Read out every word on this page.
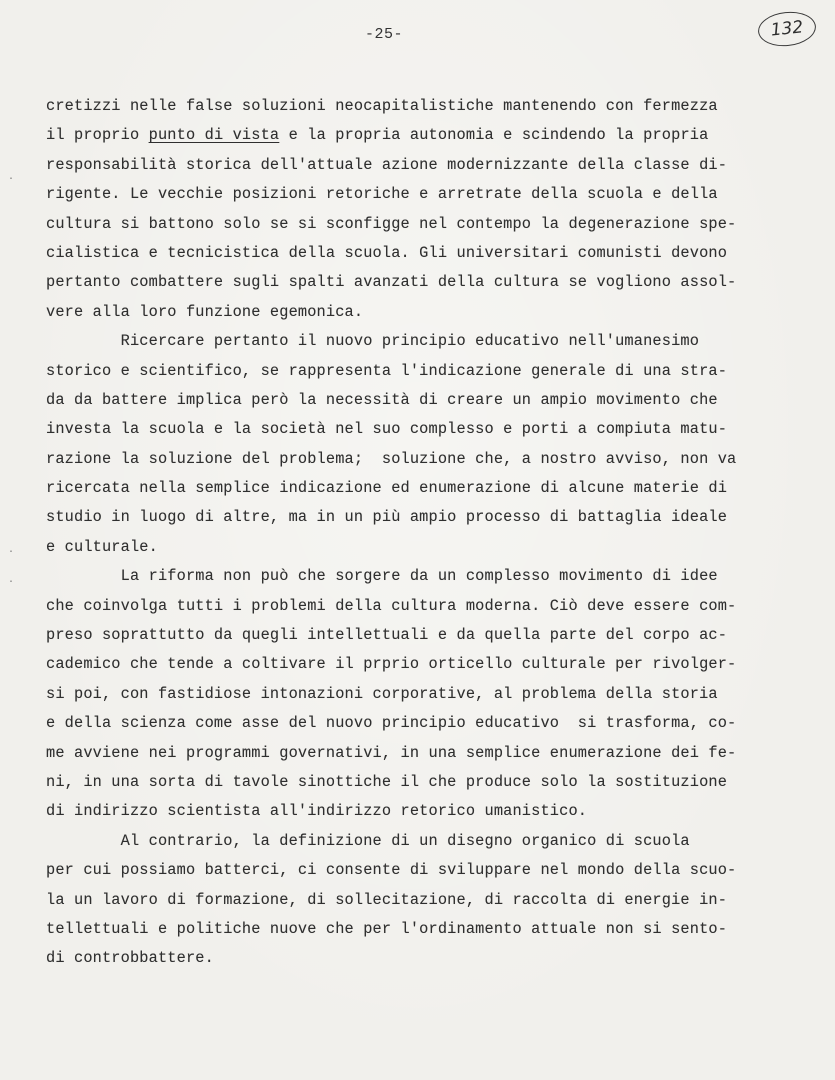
-25-	132
.
.
.
cretizzi nelle false soluzioni neocapitalistiche mantenendo con fermezza
il proprio punto di vista e la propria autonomia e scindendo la propria
responsabilità storica dell'attuale azione modernizzante della classe di-
rigente. Le vecchie posizioni retoriche e arretrate della scuola e della
cultura si battono solo se si sconfigge nel contempo la degenerazione spe-
cialistica e tecnicistica della scuola. Gli universitari comunisti devono
pertanto combattere sugli spalti avanzati della cultura se vogliono assol-
vere alla loro funzione egemonica.
Ricercare pertanto il nuovo principio educativo nell'umanesimo
storico e scientifico, se rappresenta l'indicazione generale di una stra-
da da battere implica però la necessità di creare un ampio movimento che
investa la scuola e la società nel suo complesso e porti a compiuta matu-
razione la soluzione del problema;  soluzione che, a nostro avviso, non va
ricercata nella semplice indicazione ed enumerazione di alcune materie di
studio in luogo di altre, ma in un più ampio processo di battaglia ideale
e culturale.
La riforma non può che sorgere da un complesso movimento di idee
che coinvolga tutti i problemi della cultura moderna. Ciò deve essere com-
preso soprattutto da quegli intellettuali e da quella parte del corpo ac-
cademico che tende a coltivare il prprio orticello culturale per rivolger-
si poi, con fastidiose intonazioni corporative, al problema della storia
e della scienza come asse del nuovo principio educativo  si trasforma, co-
me avviene nei programmi governativi, in una semplice enumerazione dei fe-
ni, in una sorta di tavole sinottiche il che produce solo la sostituzione
di indirizzo scientista all'indirizzo retorico umanistico.
Al contrario, la definizione di un disegno organico di scuola
per cui possiamo batterci, ci consente di sviluppare nel mondo della scuo-
la un lavoro di formazione, di sollecitazione, di raccolta di energie in-
tellettuali e politiche nuove che per l'ordinamento attuale non si sento-
di controbbattere.
